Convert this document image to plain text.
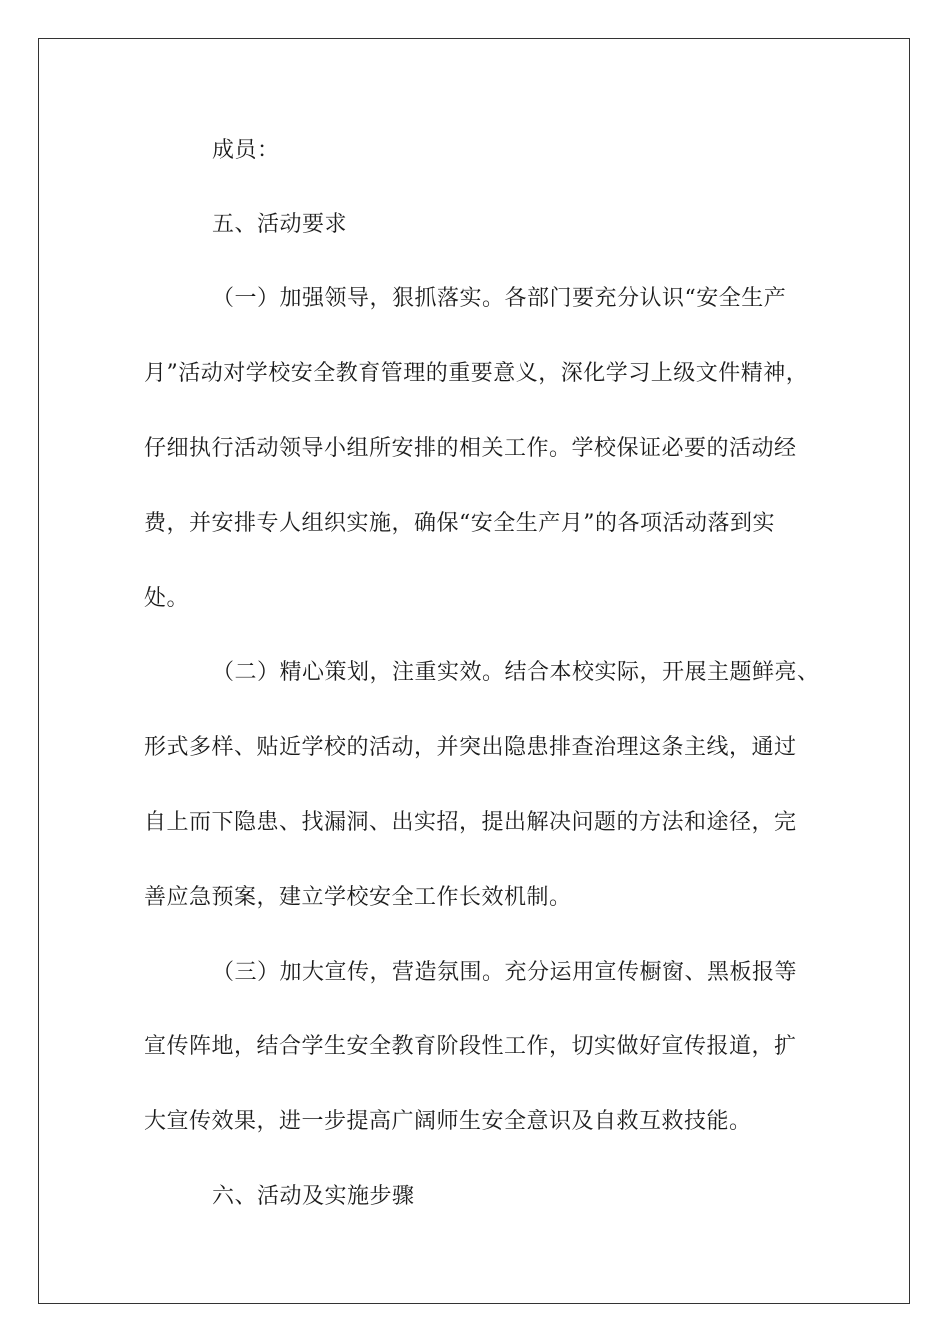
成员：
五、活动要求
（一）加强领导，狠抓落实。各部门要充分认识“安全生产
月”活动对学校安全教育管理的重要意义，深化学习上级文件精神，
仔细执行活动领导小组所安排的相关工作。学校保证必要的活动经
费，并安排专人组织实施，确保“安全生产月”的各项活动落到实
处。
（二）精心策划，注重实效。结合本校实际，开展主题鲜亮、
形式多样、贴近学校的活动，并突出隐患排查治理这条主线，通过
自上而下隐患、找漏洞、出实招，提出解决问题的方法和途径，完
善应急预案，建立学校安全工作长效机制。
（三）加大宣传，营造氛围。充分运用宣传橱窗、黑板报等
宣传阵地，结合学生安全教育阶段性工作，切实做好宣传报道，扩
大宣传效果，进一步提高广阔师生安全意识及自救互救技能。
六、活动及实施步骤
